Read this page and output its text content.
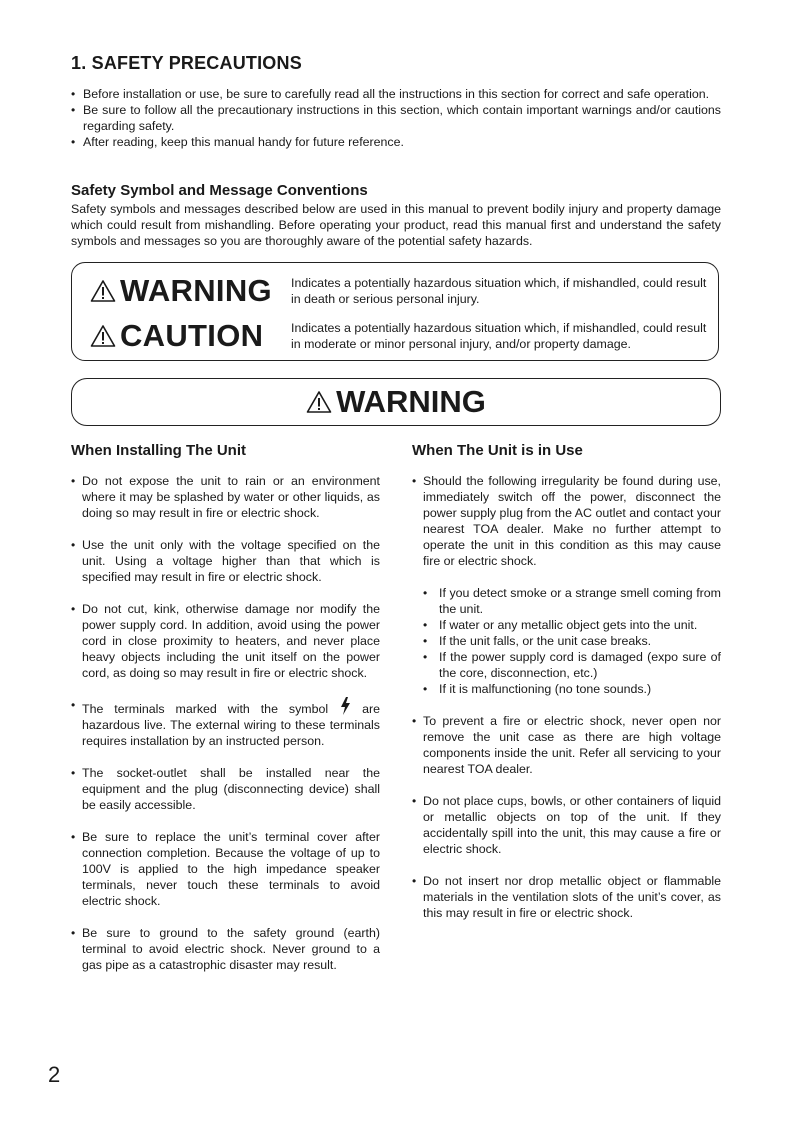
1. SAFETY PRECAUTIONS
• Before installation or use, be sure to carefully read all the instructions in this section for correct and safe operation.
• Be sure to follow all the precautionary instructions in this section, which contain important warnings and/or cautions regarding safety.
• After reading, keep this manual handy for future reference.
Safety Symbol and Message Conventions

Safety symbols and messages described below are used in this manual to prevent bodily injury and property damage which could result from mishandling. Before operating your product, read this manual first and understand the safety symbols and messages so you are thoroughly aware of the potential safety hazards.

WARNING Indicates a potentially hazardous situation which, if mishandled, could result in death or serious personal injury.
CAUTION Indicates a potentially hazardous situation which, if mishandled, could result in moderate or minor personal injury, and/or property damage.
WARNING
When Installing The Unit	When The Unit is in Use
• Do not expose the unit to rain or an environment where it may be splashed by water or other liquids, as doing so may result in fire or electric shock.
• Use the unit only with the voltage specified on the unit. Using a voltage higher than that which is specified may result in fire or electric shock.
• Do not cut, kink, otherwise damage nor modify the power supply cord. In addition, avoid using the power cord in close proximity to heaters, and never place heavy objects including the unit itself on the power cord, as doing so may result in fire or electric shock.
• The terminals marked with the symbol	are hazardous live. The external wiring to these terminals requires installation by an instructed person.
• The socket-outlet shall be installed near the equipment and the plug (disconnecting device) shall be easily accessible.
• Be sure to replace the unit’s terminal cover after connection completion. Because the voltage of up to 100V is applied to the high impedance speaker terminals, never touch these terminals to avoid electric shock.
• Be sure to ground to the safety ground (earth) terminal to avoid electric shock. Never ground to a gas pipe as a catastrophic disaster may result.
• Should the following irregularity be found during use, immediately switch off the power, disconnect the power supply plug from the AC outlet and contact your nearest TOA dealer. Make no further attempt to operate the unit in this condition as this may cause fire or electric shock.
• If you detect smoke or a strange smell coming from the unit.
• If water or any metallic object gets into the unit.
• If the unit falls, or the unit case breaks.
• If the power supply cord is damaged (expo sure of the core, disconnection, etc.)
• If it is malfunctioning (no tone sounds.)
• To prevent a fire or electric shock, never open nor remove the unit case as there are high voltage components inside the unit. Refer all servicing to your nearest TOA dealer.
• Do not place cups, bowls, or other containers of liquid or metallic objects on top of the unit. If they accidentally spill into the unit, this may cause a fire or electric shock.
• Do not insert nor drop metallic object or flammable materials in the ventilation slots of the unit’s cover, as this may result in fire or electric shock.
2
